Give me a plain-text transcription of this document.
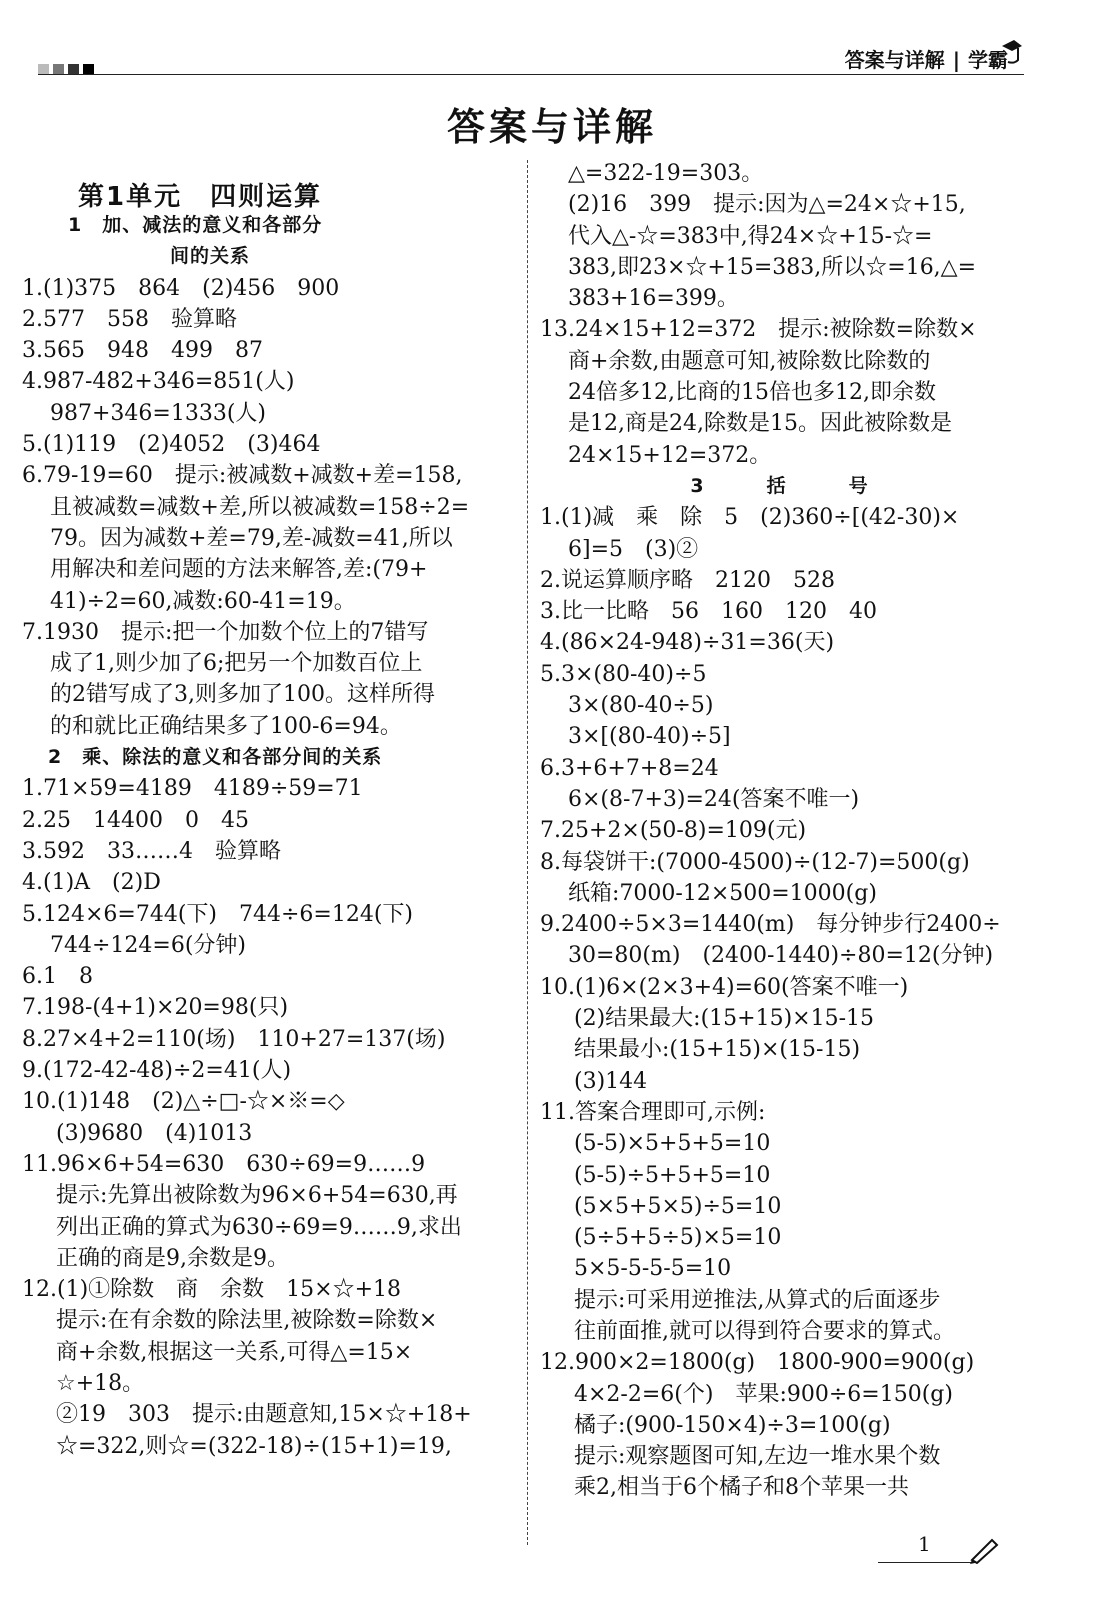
答案与详解 | 学霸
答案与详解
第1单元　四则运算
1　加、减法的意义和各部分
间的关系
1.(1)375　864　(2)456　900
2.577　558　验算略
3.565　948　499　87
4.987-482+346=851(人)
987+346=1333(人)
5.(1)119　(2)4052　(3)464
6.79-19=60　提示:被减数+减数+差=158,
且被减数=减数+差,所以被减数=158÷2=
79。因为减数+差=79,差-减数=41,所以
用解决和差问题的方法来解答,差:(79+
41)÷2=60,减数:60-41=19。
7.1930　提示:把一个加数个位上的7错写
成了1,则少加了6;把另一个加数百位上
的2错写成了3,则多加了100。这样所得
的和就比正确结果多了100-6=94。
2　乘、除法的意义和各部分间的关系
1.71×59=4189　4189÷59=71
2.25　14400　0　45
3.592　33……4　验算略
4.(1)A　(2)D
5.124×6=744(下)　744÷6=124(下)
744÷124=6(分钟)
6.1　8
7.198-(4+1)×20=98(只)
8.27×4+2=110(场)　110+27=137(场)
9.(172-42-48)÷2=41(人)
10.(1)148　(2)△÷□-☆×※=◇
(3)9680　(4)1013
11.96×6+54=630　630÷69=9……9
提示:先算出被除数为96×6+54=630,再
列出正确的算式为630÷69=9……9,求出
正确的商是9,余数是9。
12.(1)①除数　商　余数　15×☆+18
提示:在有余数的除法里,被除数=除数×
商+余数,根据这一关系,可得△=15×
☆+18。
②19　303　提示:由题意知,15×☆+18+
☆=322,则☆=(322-18)÷(15+1)=19,
△=322-19=303。
(2)16　399　提示:因为△=24×☆+15,
代入△-☆=383中,得24×☆+15-☆=
383,即23×☆+15=383,所以☆=16,△=
383+16=399。
13.24×15+12=372　提示:被除数=除数×
商+余数,由题意可知,被除数比除数的
24倍多12,比商的15倍也多12,即余数
是12,商是24,除数是15。因此被除数是
24×15+12=372。
3　括　号
1.(1)减　乘　除　5　(2)360÷[(42-30)×
6]=5　(3)②
2.说运算顺序略　2120　528
3.比一比略　56　160　120　40
4.(86×24-948)÷31=36(天)
5.3×(80-40)÷5
3×(80-40÷5)
3×[(80-40)÷5]
6.3+6+7+8=24
6×(8-7+3)=24(答案不唯一)
7.25+2×(50-8)=109(元)
8.每袋饼干:(7000-4500)÷(12-7)=500(g)
纸箱:7000-12×500=1000(g)
9.2400÷5×3=1440(m)　每分钟步行2400÷
30=80(m)　(2400-1440)÷80=12(分钟)
10.(1)6×(2×3+4)=60(答案不唯一)
(2)结果最大:(15+15)×15-15
结果最小:(15+15)×(15-15)
(3)144
11.答案合理即可,示例:
(5-5)×5+5+5=10
(5-5)÷5+5+5=10
(5×5+5×5)÷5=10
(5÷5+5÷5)×5=10
5×5-5-5-5=10
提示:可采用逆推法,从算式的后面逐步
往前面推,就可以得到符合要求的算式。
12.900×2=1800(g)　1800-900=900(g)
4×2-2=6(个)　苹果:900÷6=150(g)
橘子:(900-150×4)÷3=100(g)
提示:观察题图可知,左边一堆水果个数
乘2,相当于6个橘子和8个苹果一共
1
